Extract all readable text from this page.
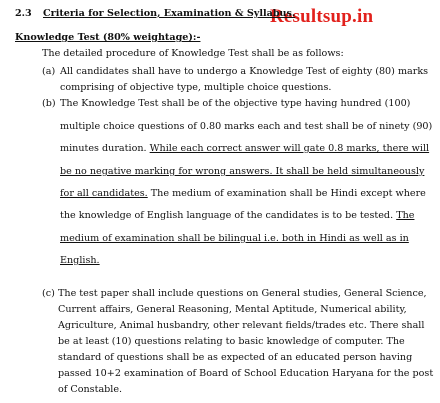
Resultsup.in
2.3 Criteria for Selection, Examination & Syllabus.
Knowledge Test (80% weightage):-
The detailed procedure of Knowledge Test shall be as follows:
(a) All candidates shall have to undergo a Knowledge Test of eighty (80) marks
comprising of objective type, multiple choice questions.
(b) The Knowledge Test shall be of the objective type having hundred (100)
multiple choice questions of 0.80 marks each and test shall be of ninety (90)
minutes duration. While each correct answer will gate 0.8 marks, there will
be no negative marking for wrong answers. It shall be held simultaneously
for all candidates. The medium of examination shall be Hindi except where
the knowledge of English language of the candidates is to be tested. The
medium of examination shall be bilingual i.e. both in Hindi as well as in
English.
(c) The test paper shall include questions on General studies, General Science,
Current affairs, General Reasoning, Mental Aptitude, Numerical ability,
Agriculture, Animal husbandry, other relevant fields/trades etc. There shall
be at least (10) questions relating to basic knowledge of computer. The
standard of questions shall be as expected of an educated person having
passed 10+2 examination of Board of School Education Haryana for the post
of Constable.
